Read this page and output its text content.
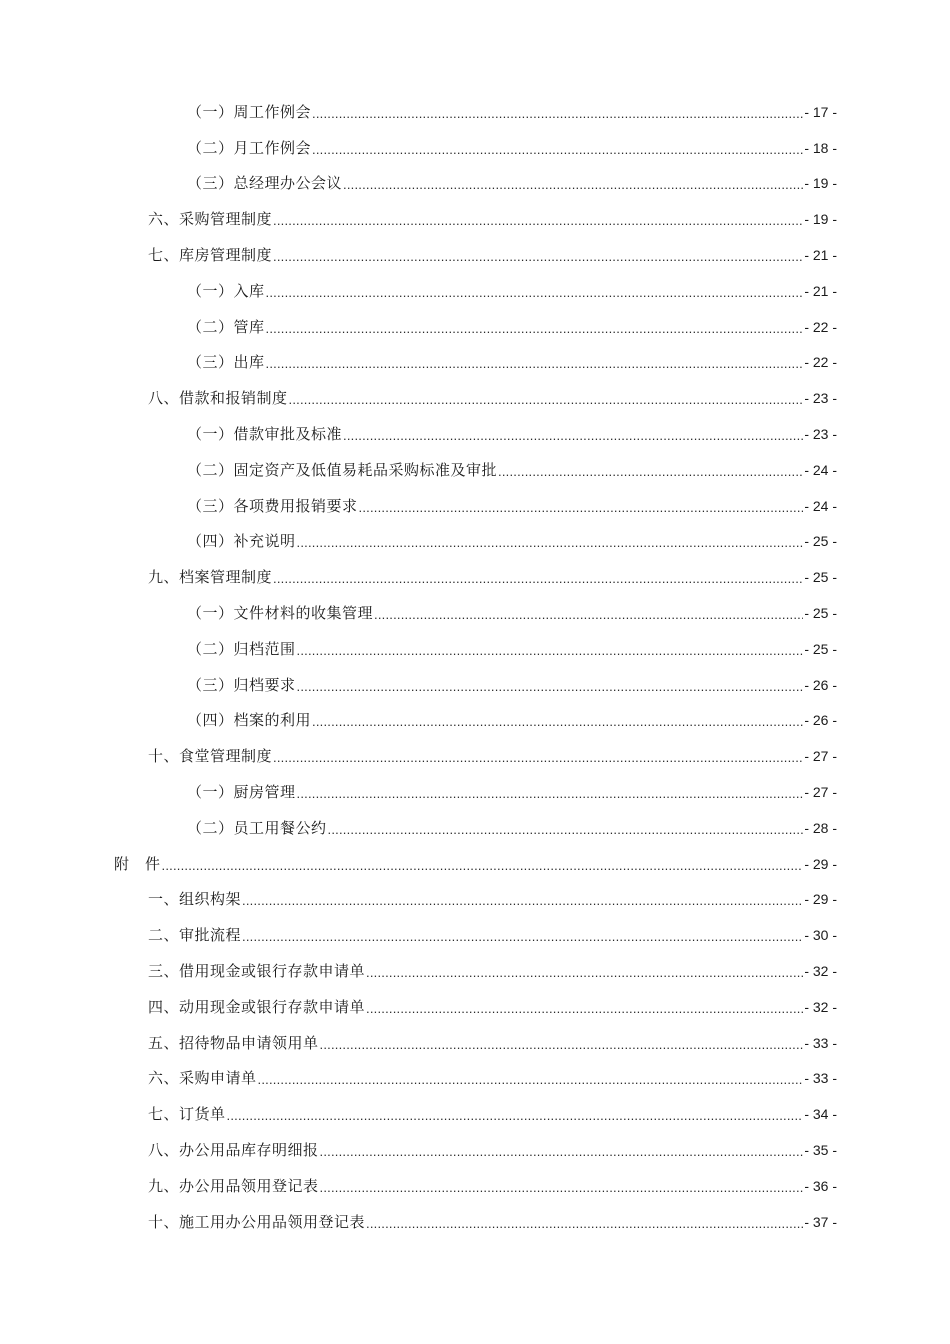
（一）周工作例会 .....	- 17 -
（二）月工作例会 .....	- 18 -
（三）总经理办公会议 .....	- 19 -
六、采购管理制度 .....	- 19 -
七、库房管理制度 .....	- 21 -
（一）入库 .....	- 21 -
（二）管库 .....	- 22 -
（三）出库 .....	- 22 -
八、借款和报销制度 .....	- 23 -
（一）借款审批及标准 .....	- 23 -
（二）固定资产及低值易耗品采购标准及审批 .....	- 24 -
（三）各项费用报销要求 .....	- 24 -
（四）补充说明 .....	- 25 -
九、档案管理制度 .....	- 25 -
（一）文件材料的收集管理 .....	- 25 -
（二）归档范围 .....	- 25 -
（三）归档要求 .....	- 26 -
（四）档案的利用 .....	- 26 -
十、食堂管理制度 .....	- 27 -
（一）厨房管理 .....	- 27 -
（二）员工用餐公约 .....	- 28 -
附　件 .....	- 29 -
一、组织构架 .....	- 29 -
二、审批流程 .....	- 30 -
三、借用现金或银行存款申请单 .....	- 32 -
四、动用现金或银行存款申请单 .....	- 32 -
五、招待物品申请领用单 .....	- 33 -
六、采购申请单 .....	- 33 -
七、订货单 .....	- 34 -
八、办公用品库存明细报 .....	- 35 -
九、办公用品领用登记表 .....	- 36 -
十、施工用办公用品领用登记表 .....	- 37 -
